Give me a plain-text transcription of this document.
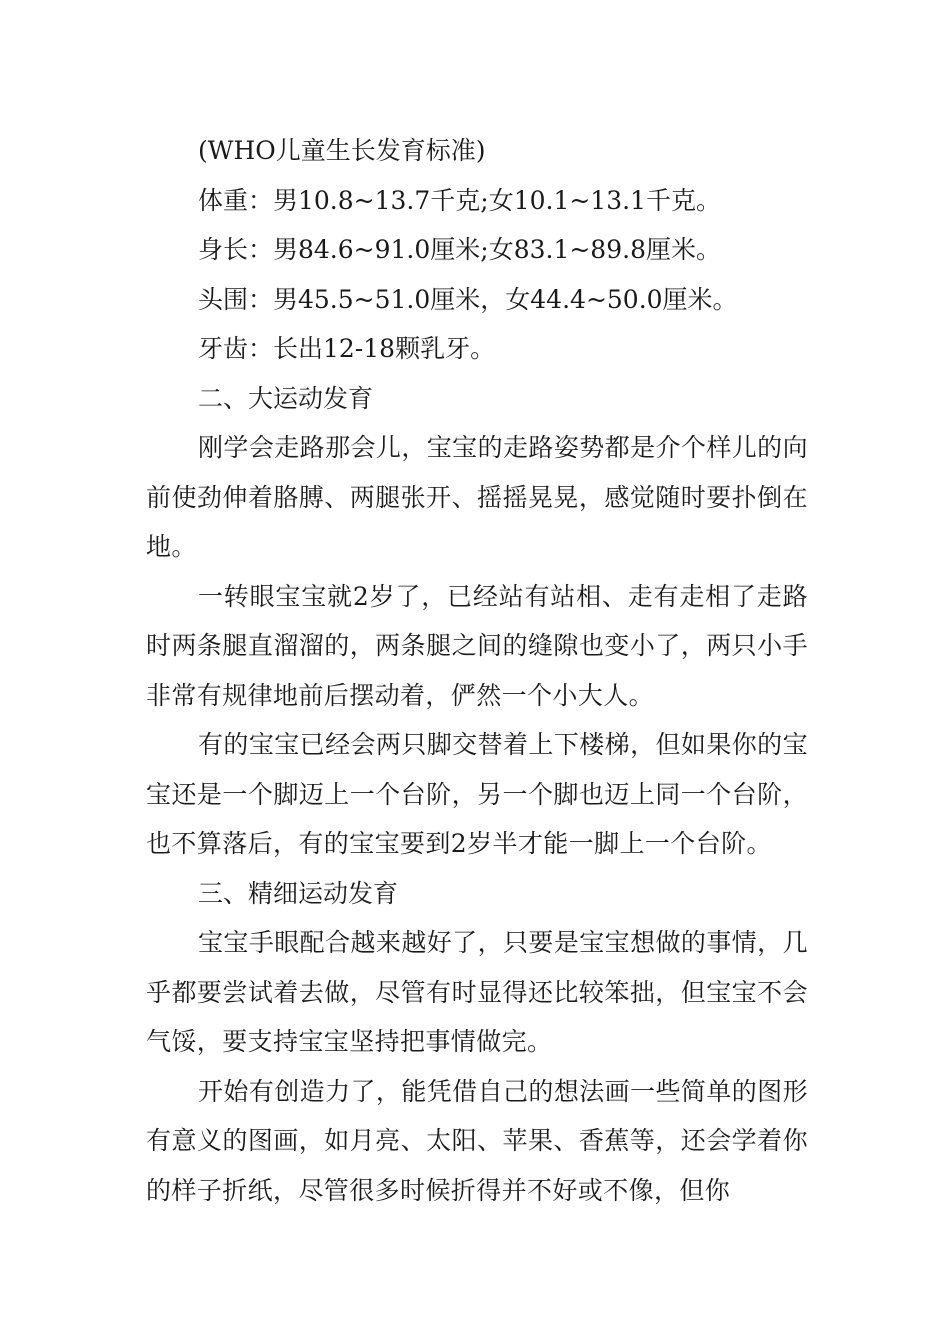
(WHO儿童生长发育标准)

体重：男10.8~13.7千克;女10.1~13.1千克。

身长：男84.6~91.0厘米;女83.1~89.8厘米。

头围：男45.5~51.0厘米，女44.4~50.0厘米。

牙齿：长出12-18颗乳牙。

二、大运动发育

刚学会走路那会儿，宝宝的走路姿势都是介个样儿的向前使劲伸着胳膊、两腿张开、摇摇晃晃，感觉随时要扑倒在地。

一转眼宝宝就2岁了，已经站有站相、走有走相了走路时两条腿直溜溜的，两条腿之间的缝隙也变小了，两只小手非常有规律地前后摆动着，俨然一个小大人。

有的宝宝已经会两只脚交替着上下楼梯，但如果你的宝宝还是一个脚迈上一个台阶，另一个脚也迈上同一个台阶，也不算落后，有的宝宝要到2岁半才能一脚上一个台阶。

三、精细运动发育

宝宝手眼配合越来越好了，只要是宝宝想做的事情，几乎都要尝试着去做，尽管有时显得还比较笨拙，但宝宝不会气馁，要支持宝宝坚持把事情做完。

开始有创造力了，能凭借自己的想法画一些简单的图形有意义的图画，如月亮、太阳、苹果、香蕉等，还会学着你的样子折纸，尽管很多时候折得并不好或不像，但你
